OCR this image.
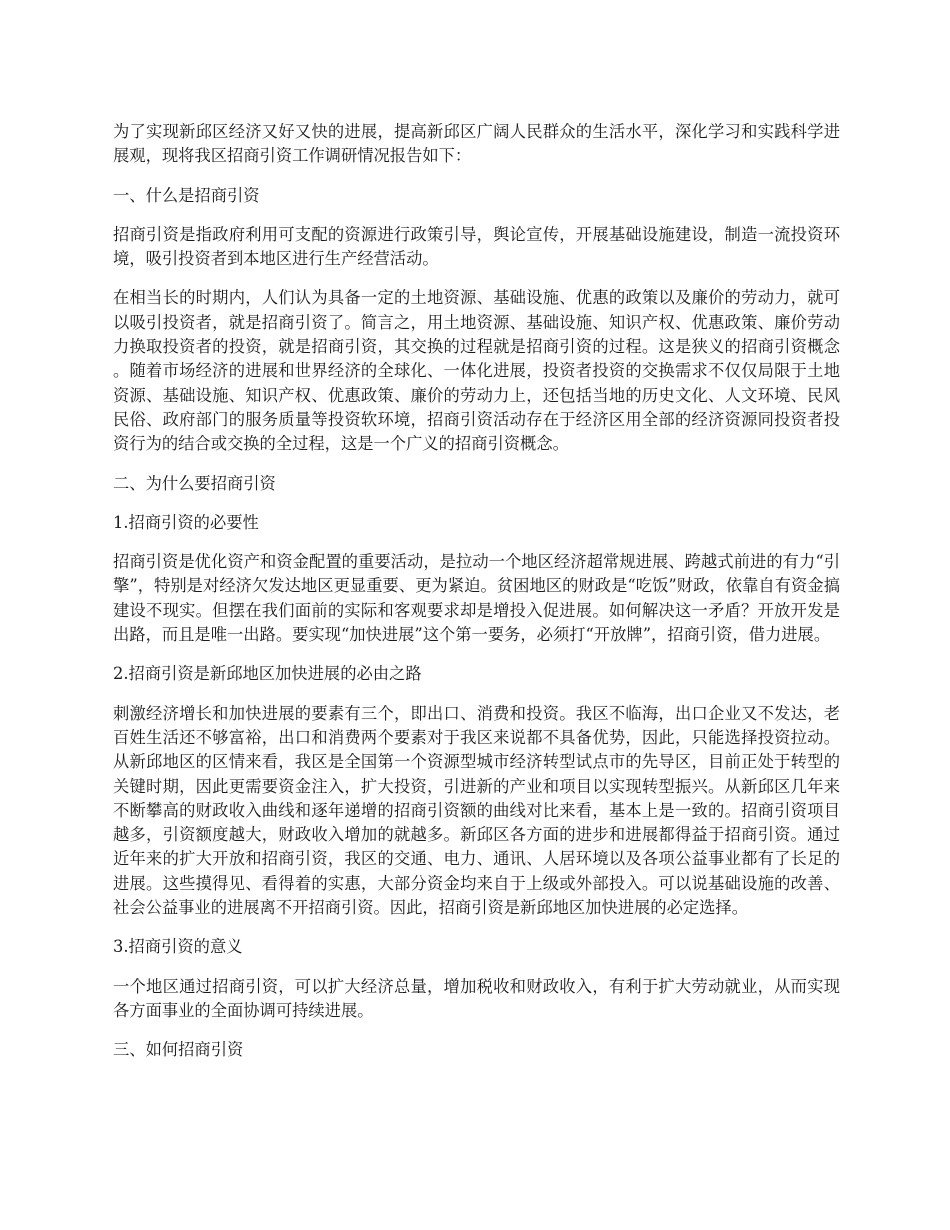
为了实现新邱区经济又好又快的进展，提高新邱区广阔人民群众的生活水平，深化学习和实践科学进展观，现将我区招商引资工作调研情况报告如下：

一、什么是招商引资

招商引资是指政府利用可支配的资源进行政策引导，舆论宣传，开展基础设施建设，制造一流投资环境，吸引投资者到本地区进行生产经营活动。

在相当长的时期内，人们认为具备一定的土地资源、基础设施、优惠的政策以及廉价的劳动力，就可以吸引投资者，就是招商引资了。简言之，用土地资源、基础设施、知识产权、优惠政策、廉价劳动力换取投资者的投资，就是招商引资，其交换的过程就是招商引资的过程。这是狭义的招商引资概念。随着市场经济的进展和世界经济的全球化、一体化进展，投资者投资的交换需求不仅仅局限于土地资源、基础设施、知识产权、优惠政策、廉价的劳动力上，还包括当地的历史文化、人文环境、民风民俗、政府部门的服务质量等投资软环境，招商引资活动存在于经济区用全部的经济资源同投资者投资行为的结合或交换的全过程，这是一个广义的招商引资概念。

二、为什么要招商引资

1.招商引资的必要性

招商引资是优化资产和资金配置的重要活动，是拉动一个地区经济超常规进展、跨越式前进的有力“引擎”，特别是对经济欠发达地区更显重要、更为紧迫。贫困地区的财政是“吃饭”财政，依靠自有资金搞建设不现实。但摆在我们面前的实际和客观要求却是增投入促进展。如何解决这一矛盾？开放开发是出路，而且是唯一出路。要实现“加快进展”这个第一要务，必须打“开放牌”，招商引资，借力进展。

2.招商引资是新邱地区加快进展的必由之路

刺激经济增长和加快进展的要素有三个，即出口、消费和投资。我区不临海，出口企业又不发达，老百姓生活还不够富裕，出口和消费两个要素对于我区来说都不具备优势，因此，只能选择投资拉动。从新邱地区的区情来看，我区是全国第一个资源型城市经济转型试点市的先导区，目前正处于转型的关键时期，因此更需要资金注入，扩大投资，引进新的产业和项目以实现转型振兴。从新邱区几年来不断攀高的财政收入曲线和逐年递增的招商引资额的曲线对比来看，基本上是一致的。招商引资项目越多，引资额度越大，财政收入增加的就越多。新邱区各方面的进步和进展都得益于招商引资。通过近年来的扩大开放和招商引资，我区的交通、电力、通讯、人居环境以及各项公益事业都有了长足的进展。这些摸得见、看得着的实惠，大部分资金均来自于上级或外部投入。可以说基础设施的改善、社会公益事业的进展离不开招商引资。因此，招商引资是新邱地区加快进展的必定选择。

3.招商引资的意义

一个地区通过招商引资，可以扩大经济总量，增加税收和财政收入，有利于扩大劳动就业，从而实现各方面事业的全面协调可持续进展。

三、如何招商引资
